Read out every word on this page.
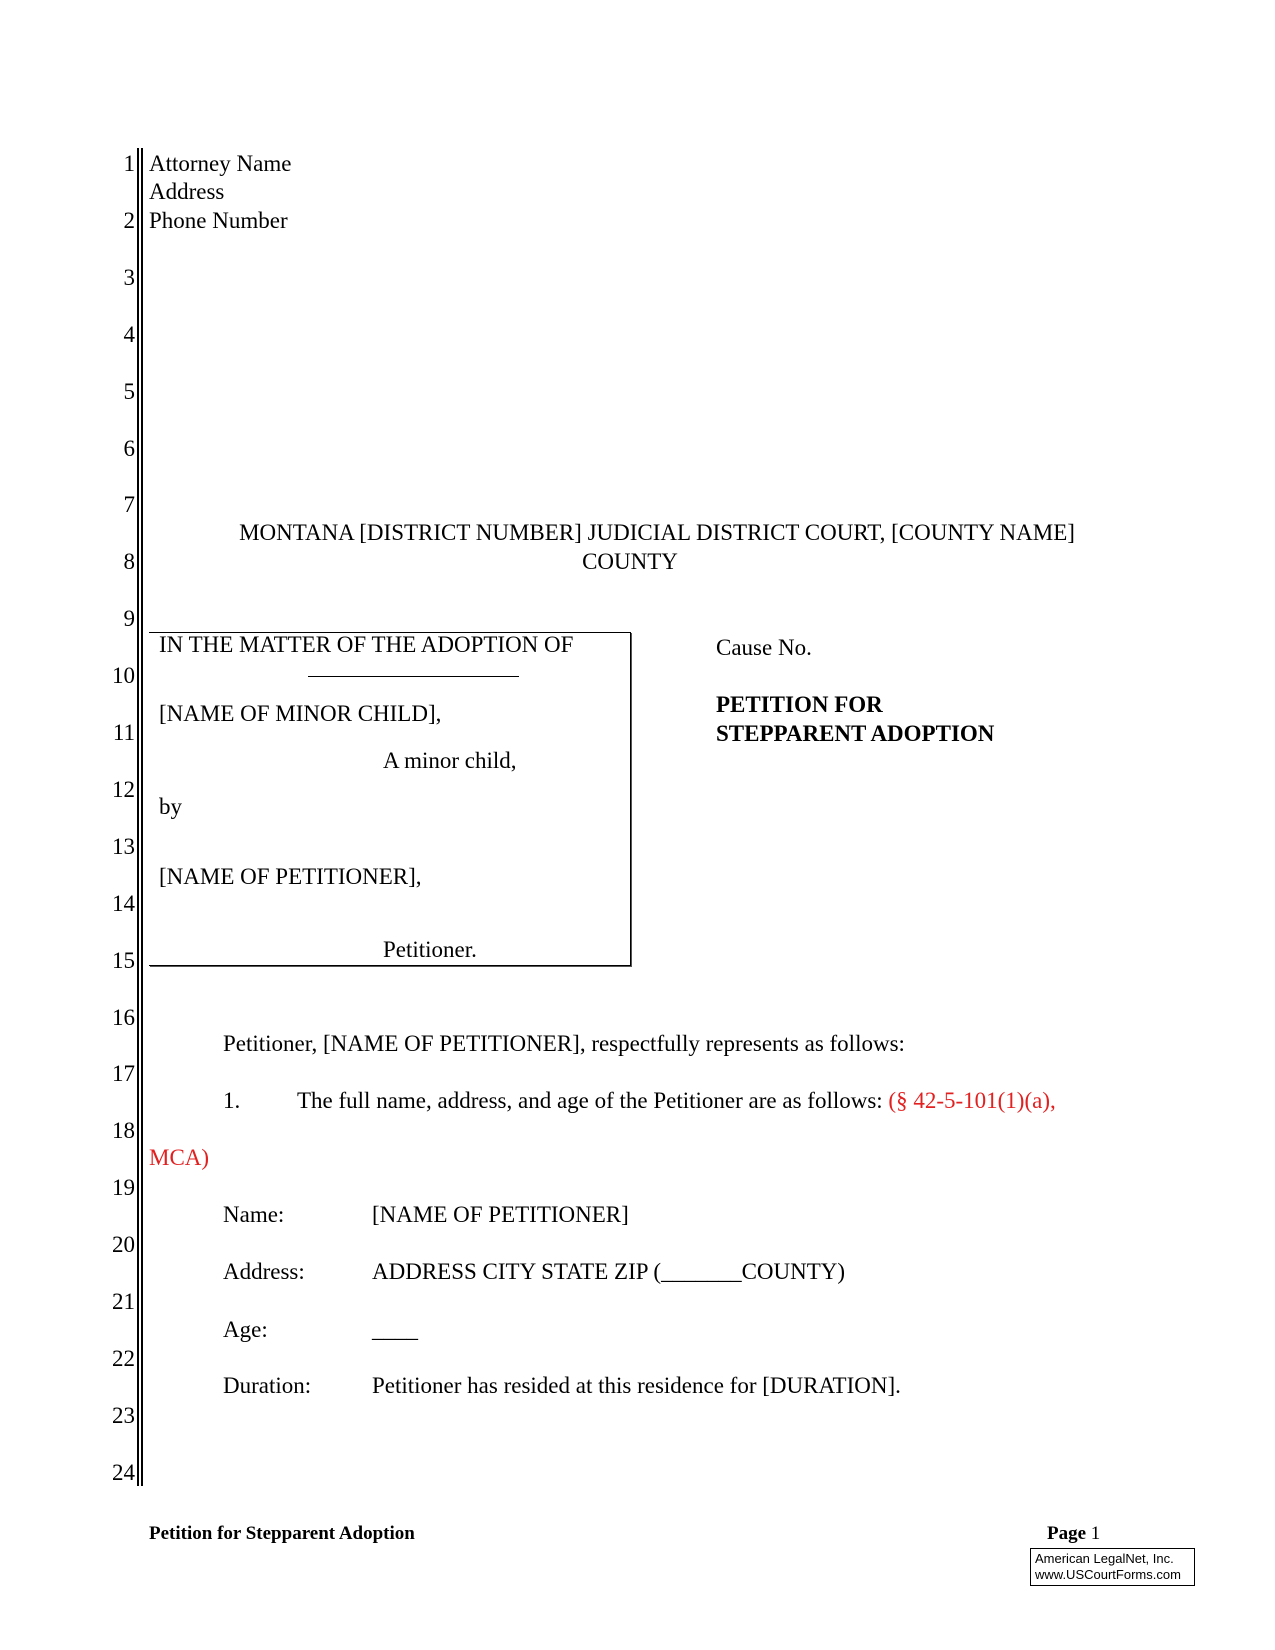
1
2
3
4
5
6
7
8
9
10
11
12
13
14
15
16
17
18
19
20
21
22
23
24
Attorney Name
Address
Phone Number
MONTANA [DISTRICT NUMBER] JUDICIAL DISTRICT COURT, [COUNTY NAME]
COUNTY
IN THE MATTER OF THE ADOPTION OF
[NAME OF MINOR CHILD],
A minor child,
by
[NAME OF PETITIONER],
Petitioner.
Cause No.
PETITION FOR
STEPPARENT ADOPTION
Petitioner, [NAME OF PETITIONER], respectfully represents as follows:
1. The full name, address, and age of the Petitioner are as follows: (§ 42-5-101(1)(a),
MCA)
Name:	[NAME OF PETITIONER]
Address:	ADDRESS CITY STATE ZIP (_______COUNTY)
Age:	____
Duration:	Petitioner has resided at this residence for [DURATION].
Petition for Stepparent Adoption	Page 1
American LegalNet, Inc.
www.USCourtForms.com
